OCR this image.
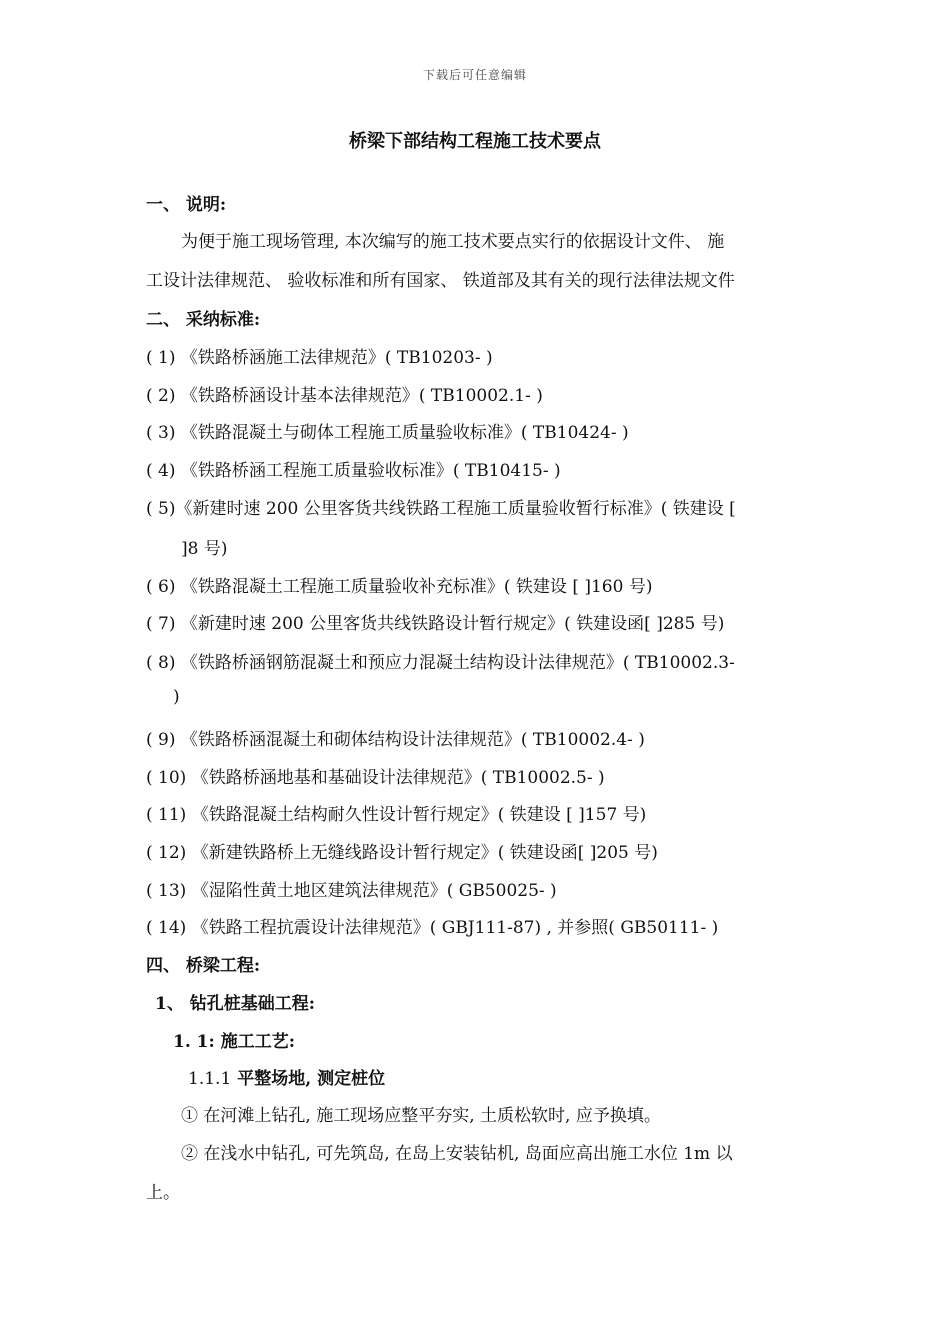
下载后可任意编辑
桥梁下部结构工程施工技术要点
一、 说明:
为便于施工现场管理, 本次编写的施工技术要点实行的依据设计文件、 施
工设计法律规范、 验收标准和所有国家、 铁道部及其有关的现行法律法规文件
二、 采纳标准:
( 1) 《铁路桥涵施工法律规范》( TB10203- )
( 2) 《铁路桥涵设计基本法律规范》( TB10002.1- )
( 3) 《铁路混凝土与砌体工程施工质量验收标准》( TB10424- )
( 4) 《铁路桥涵工程施工质量验收标准》( TB10415- )
( 5)《新建时速 200 公里客货共线铁路工程施工质量验收暂行标准》( 铁建设 [
]8 号)
( 6) 《铁路混凝土工程施工质量验收补充标准》( 铁建设 [ ]160 号)
( 7) 《新建时速 200 公里客货共线铁路设计暂行规定》( 铁建设函[ ]285 号)
( 8) 《铁路桥涵钢筋混凝土和预应力混凝土结构设计法律规范》( TB10002.3-
)
( 9) 《铁路桥涵混凝土和砌体结构设计法律规范》( TB10002.4- )
( 10) 《铁路桥涵地基和基础设计法律规范》( TB10002.5- )
( 11) 《铁路混凝土结构耐久性设计暂行规定》( 铁建设 [ ]157 号)
( 12) 《新建铁路桥上无缝线路设计暂行规定》( 铁建设函[ ]205 号)
( 13) 《湿陷性黄土地区建筑法律规范》( GB50025- )
( 14) 《铁路工程抗震设计法律规范》( GBJ111-87) , 并参照( GB50111- )
四、 桥梁工程:
1、 钻孔桩基础工程:
1. 1: 施工工艺:
1.1.1 平整场地, 测定桩位
① 在河滩上钻孔, 施工现场应整平夯实, 土质松软时, 应予换填。
② 在浅水中钻孔, 可先筑岛, 在岛上安装钻机, 岛面应高出施工水位 1m 以
上。
